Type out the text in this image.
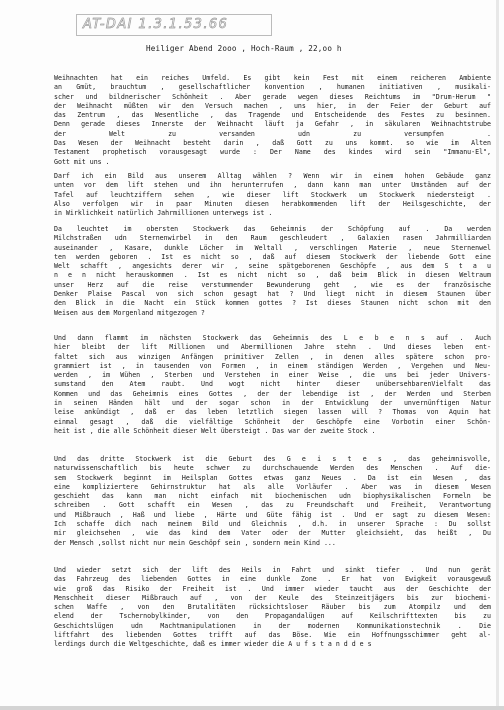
AT-DAI 1.3.1.53.66
Heiliger Abend 2ooo , Hoch-Raum , 22,oo h
Weihnachten hat ein reiches Umfeld. Es gibt kein Fest mit einem reicheren Ambiente
an Gmüt, brauchtum , gesellschaftlicher konvention , humanen initiativen , musikali-
scher und bildnerischer Schönheit . Aber gerade wegen dieses Reichtums im "Drum-Herum "
der Weihnacht müßten wir den Versuch machen , uns hier, in der Feier der Geburt auf
das Zentrum , das Wesentliche , das Tragende und Entscheidende des Festes zu besinnen.
Denn gerade dieses Innerste der Weihnacht läuft ja Gefahr , in säkularen Weihnachtstrube
der Welt zu versanden udn zu versumpfen .
Das Wesen der Weihnacht besteht darin , daß Gott zu uns kommt. so wie im Alten
Testament prophetisch vorausgesagt wurde : Der Name des kindes wird sein "Immanu-El",
Gott mit uns .
Darf ich ein Bild aus unserem Alltag wählen ? Wenn wir in einem hohen Gebäude ganz
unten vor dem lift stehen und ihn herunterrufen , dann kann man unter Umständen auf der
Tafel auf leuchtziffern sehen , wie dieser lift Stockwerk um Stockwerk niedersteigt .
Also verfolgen wir in paar Minuten diesen herabkommenden lift der Heilsgeschichte, der
in Wirklichkeit natürlich Jahrmillionen unterwegs ist .
Da leuchtet im obersten Stockwerk das Geheimnis der Schöpfung auf . Da werden
Milchstraßen udn Sternenwirbel in den Raum geschleudert , Galaxien rasen Jahrmilliarden
auseinander , Kasare, dunkle Löcher im Weltall , verschlingen Materie , neue Sternenwel
ten werden geboren . Ist es nicht so , daß auf diesem Stockwerk der liebende Gott eine
Welt schafft , angesichts derer wir , seine spätgeborenen Geschöpfe , aus dem S t a u
n e n nicht herauskommen . Ist es nicht nicht so , daß beim Blick in diesen Weltraum
unser Herz auf die reise verstummender Bewunderung geht , wie es der französische
Denker Plaise Pascal von sich schon gesagt hat ? Und liegt nicht in diesem Staunen über
den Blick in die Nacht ein Stück kommen gottes ? Ist dieses Staunen nicht schon mit den
Weisen aus dem Morgenland mitgezogen ?
Und dann flammt im nächsten Stockwerk das Geheimnis des L e b e n s auf . Auch
hier bleibt der lift Millionen und Abermillionen Jahre stehn . Und dieses leben ent-
faltet sich aus winzigen Anfängen primitiver Zellen , in denen alles spätere schon pro-
grammiert ist , in tausenden von Formen , in einem ständigen Werden , Vergehen und Neu-
werden , im Wühen , Sterben und Verstehen in einer Weise , die uns bei jeder Univers-
sumstand den Atem raubt. Und wogt nicht hinter dieser unübersehbarenVielfalt das
Kommen und das Geheimnis eines Gottes , der der lebendige ist , der Werden und Sterben
in seinen Händen hält und der sogar schon in der Entwicklung der unvernünftigen Natur
leise ankündigt , daß er das leben letztlich siegen lassen will ? Thomas von Aquin hat
einmal gesagt , daß die vielfältige Schönheit der Geschöpfe eine Vorbotin einer Schön-
heit ist , die alle Schönheit dieser Welt übersteigt . Das war der zweite Stock .
Und das dritte Stockwerk ist die Geburt des G e i s t e s , das geheimnisvolle,
naturwissenschaftlich bis heute schwer zu durchschauende Werden des Menschen . Auf die-
sem Stockwerk beginnt im Heilsplan Gottes etwas ganz Neues . Da ist ein Wesen , das
eine kompliziertere Gehirnstruktur hat als alle Vorläufer . Aber was in diesem Wesen
geschieht das kann man nicht einfach mit biochemischen udn biophysikalischen Formeln be
schreiben . Gott schafft ein Wesen , das zu Freundschaft und Freiheit, Verantwortung
und Mißbrauch , Haß und liebe , Härte und Güte fähig ist . Und er sagt zu diesem Wesen:
Ich schaffe dich nach meinem Bild und Gleichnis , d.h. in unserer Sprache : Du sollst
mir gleichsehen , wie das kind dem Vater oder der Mutter gleichsieht, das heißt , Du
der Mensch ,sollst nicht nur mein Geschöpf sein , sondern mein Kind ...
Und wieder setzt sich der lift des Heils in Fahrt und sinkt tiefer . Und nun gerät
das Fahrzeug des liebenden Gottes in eine dunkle Zone . Er hat von Ewigkeit vorausgewuß
wie groß das Risiko der Freiheit ist . Und immer wieder taucht aus der Geschichte der
Menschheit dieser Mißbrauch auf , von der Keule des Steinzeitjägers bis zur biochemi-
schen Waffe , von den Brutalitäten rücksichtsloser Räuber bis zum Atompilz und dem
elend der Tschernobylkinder, von den Propagandalügen auf Keilschrifttexten bis zu
Geschichtslügen udn Machtmanipulationen in der modernen Kommunikationstechnik . Die
liftfahrt des liebenden Gottes trifft auf das Böse. Wie ein Hoffnungsschimmer geht al-
lerdings durch die Weltgeschichte, daß es immer wieder die A u f s t a n d d e s
